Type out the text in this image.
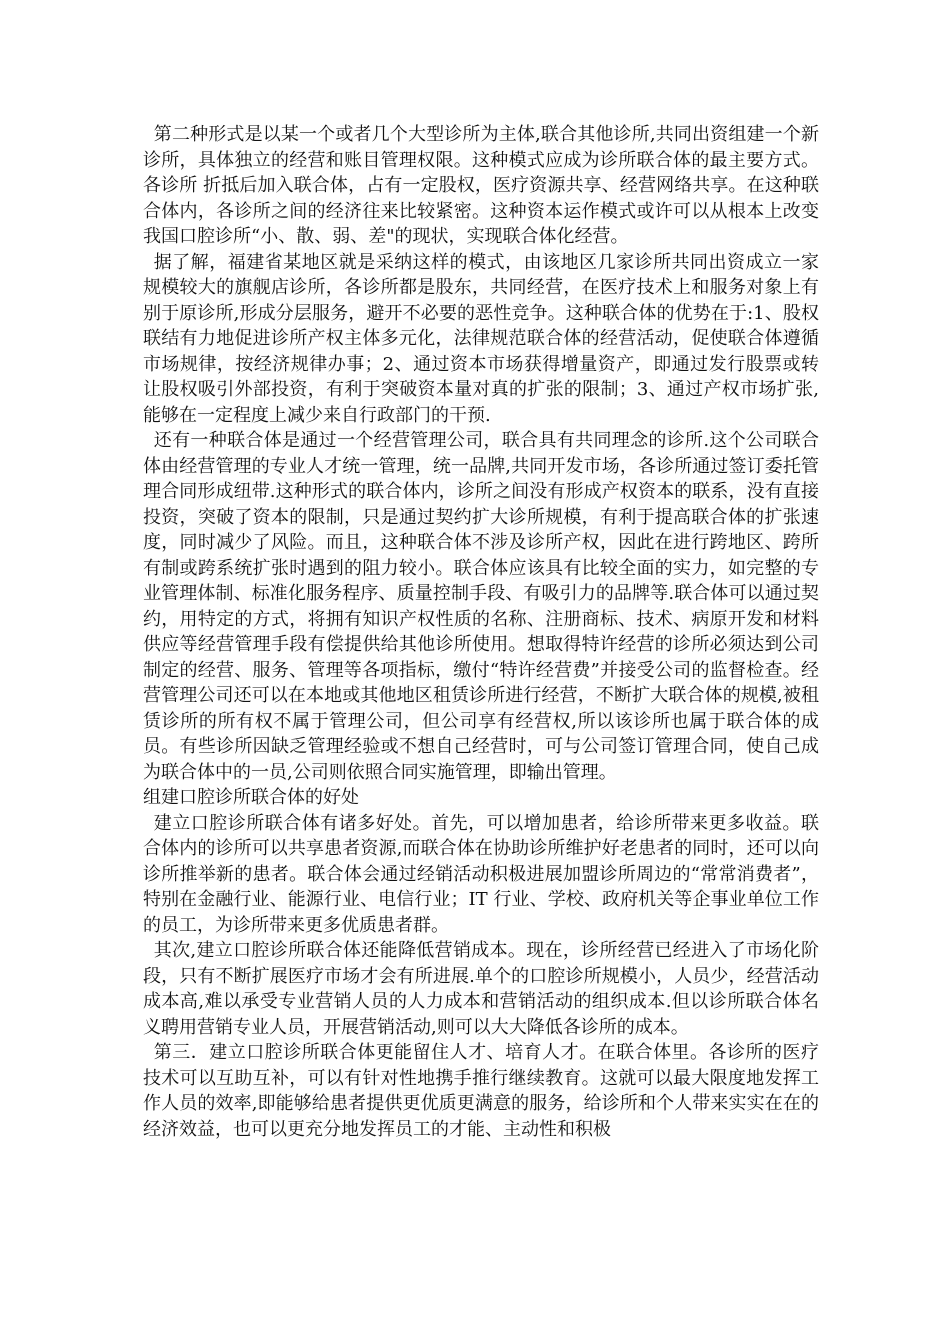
第二种形式是以某一个或者几个大型诊所为主体,联合其他诊所,共同出资组建一个新诊所，具体独立的经营和账目管理权限。这种模式应成为诊所联合体的最主要方式。各诊所 折抵后加入联合体，占有一定股权，医疗资源共享、经营网络共享。在这种联合体内，各诊所之间的经济往来比较紧密。这种资本运作模式或许可以从根本上改变我国口腔诊所“小、散、弱、差"的现状，实现联合体化经营。

据了解，福建省某地区就是采纳这样的模式，由该地区几家诊所共同出资成立一家规模较大的旗舰店诊所，各诊所都是股东，共同经营，在医疗技术上和服务对象上有别于原诊所,形成分层服务，避开不必要的恶性竞争。这种联合体的优势在于:1、股权联结有力地促进诊所产权主体多元化，法律规范联合体的经营活动，促使联合体遵循市场规律，按经济规律办事；2、通过资本市场获得增量资产，即通过发行股票或转让股权吸引外部投资，有利于突破资本量对真的扩张的限制；3、通过产权市场扩张,能够在一定程度上减少来自行政部门的干预.

还有一种联合体是通过一个经营管理公司，联合具有共同理念的诊所.这个公司联合体由经营管理的专业人才统一管理，统一品牌,共同开发市场，各诊所通过签订委托管理合同形成纽带.这种形式的联合体内，诊所之间没有形成产权资本的联系，没有直接投资，突破了资本的限制，只是通过契约扩大诊所规模，有利于提高联合体的扩张速度，同时减少了风险。而且，这种联合体不涉及诊所产权，因此在进行跨地区、跨所有制或跨系统扩张时遇到的阻力较小。联合体应该具有比较全面的实力，如完整的专业管理体制、标准化服务程序、质量控制手段、有吸引力的品牌等.联合体可以通过契约，用特定的方式，将拥有知识产权性质的名称、注册商标、技术、病原开发和材料供应等经营管理手段有偿提供给其他诊所使用。想取得特许经营的诊所必须达到公司制定的经营、服务、管理等各项指标，缴付“特许经营费”并接受公司的监督检查。经营管理公司还可以在本地或其他地区租赁诊所进行经营，不断扩大联合体的规模,被租赁诊所的所有权不属于管理公司，但公司享有经营权,所以该诊所也属于联合体的成员。有些诊所因缺乏管理经验或不想自己经营时，可与公司签订管理合同，使自己成为联合体中的一员,公司则依照合同实施管理，即输出管理。

组建口腔诊所联合体的好处

建立口腔诊所联合体有诸多好处。首先，可以增加患者，给诊所带来更多收益。联合体内的诊所可以共享患者资源,而联合体在协助诊所维护好老患者的同时，还可以向诊所推举新的患者。联合体会通过经销活动积极进展加盟诊所周边的“常常消费者”，特别在金融行业、能源行业、电信行业；IT 行业、学校、政府机关等企事业单位工作的员工，为诊所带来更多优质患者群。

其次,建立口腔诊所联合体还能降低营销成本。现在，诊所经营已经进入了市场化阶段，只有不断扩展医疗市场才会有所进展.单个的口腔诊所规模小，人员少，经营活动成本高,难以承受专业营销人员的人力成本和营销活动的组织成本.但以诊所联合体名义聘用营销专业人员，开展营销活动,则可以大大降低各诊所的成本。

第三．建立口腔诊所联合体更能留住人才、培育人才。在联合体里。各诊所的医疗技术可以互助互补，可以有针对性地携手推行继续教育。这就可以最大限度地发挥工作人员的效率,即能够给患者提供更优质更满意的服务，给诊所和个人带来实实在在的经济效益，也可以更充分地发挥员工的才能、主动性和积极
